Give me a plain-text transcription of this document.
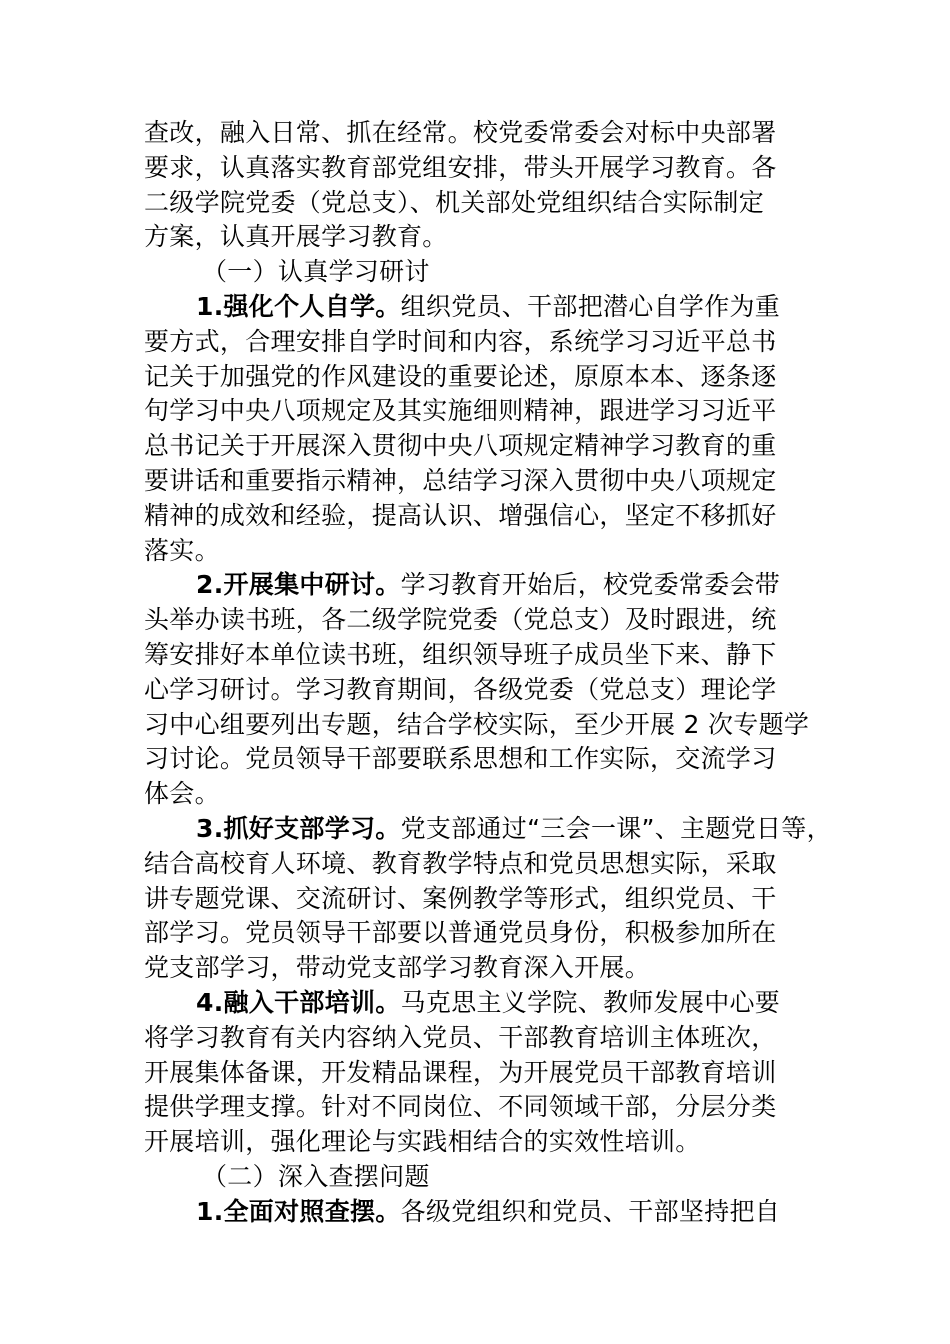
查改，融入日常、抓在经常。校党委常委会对标中央部署
要求，认真落实教育部党组安排，带头开展学习教育。各
二级学院党委（党总支）、机关部处党组织结合实际制定
方案，认真开展学习教育。
（一）认真学习研讨
1.强化个人自学。组织党员、干部把潜心自学作为重
要方式，合理安排自学时间和内容，系统学习习近平总书
记关于加强党的作风建设的重要论述，原原本本、逐条逐
句学习中央八项规定及其实施细则精神，跟进学习习近平
总书记关于开展深入贯彻中央八项规定精神学习教育的重
要讲话和重要指示精神，总结学习深入贯彻中央八项规定
精神的成效和经验，提高认识、增强信心，坚定不移抓好
落实。
2.开展集中研讨。学习教育开始后，校党委常委会带
头举办读书班，各二级学院党委（党总支）及时跟进，统
筹安排好本单位读书班，组织领导班子成员坐下来、静下
心学习研讨。学习教育期间，各级党委（党总支）理论学
习中心组要列出专题，结合学校实际，至少开展 2 次专题学
习讨论。党员领导干部要联系思想和工作实际，交流学习
体会。
3.抓好支部学习。党支部通过“三会一课”、主题党日等，
结合高校育人环境、教育教学特点和党员思想实际，采取
讲专题党课、交流研讨、案例教学等形式，组织党员、干
部学习。党员领导干部要以普通党员身份，积极参加所在
党支部学习，带动党支部学习教育深入开展。
4.融入干部培训。马克思主义学院、教师发展中心要
将学习教育有关内容纳入党员、干部教育培训主体班次，
开展集体备课，开发精品课程，为开展党员干部教育培训
提供学理支撑。针对不同岗位、不同领域干部，分层分类
开展培训，强化理论与实践相结合的实效性培训。
（二）深入查摆问题
1.全面对照查摆。各级党组织和党员、干部坚持把自
